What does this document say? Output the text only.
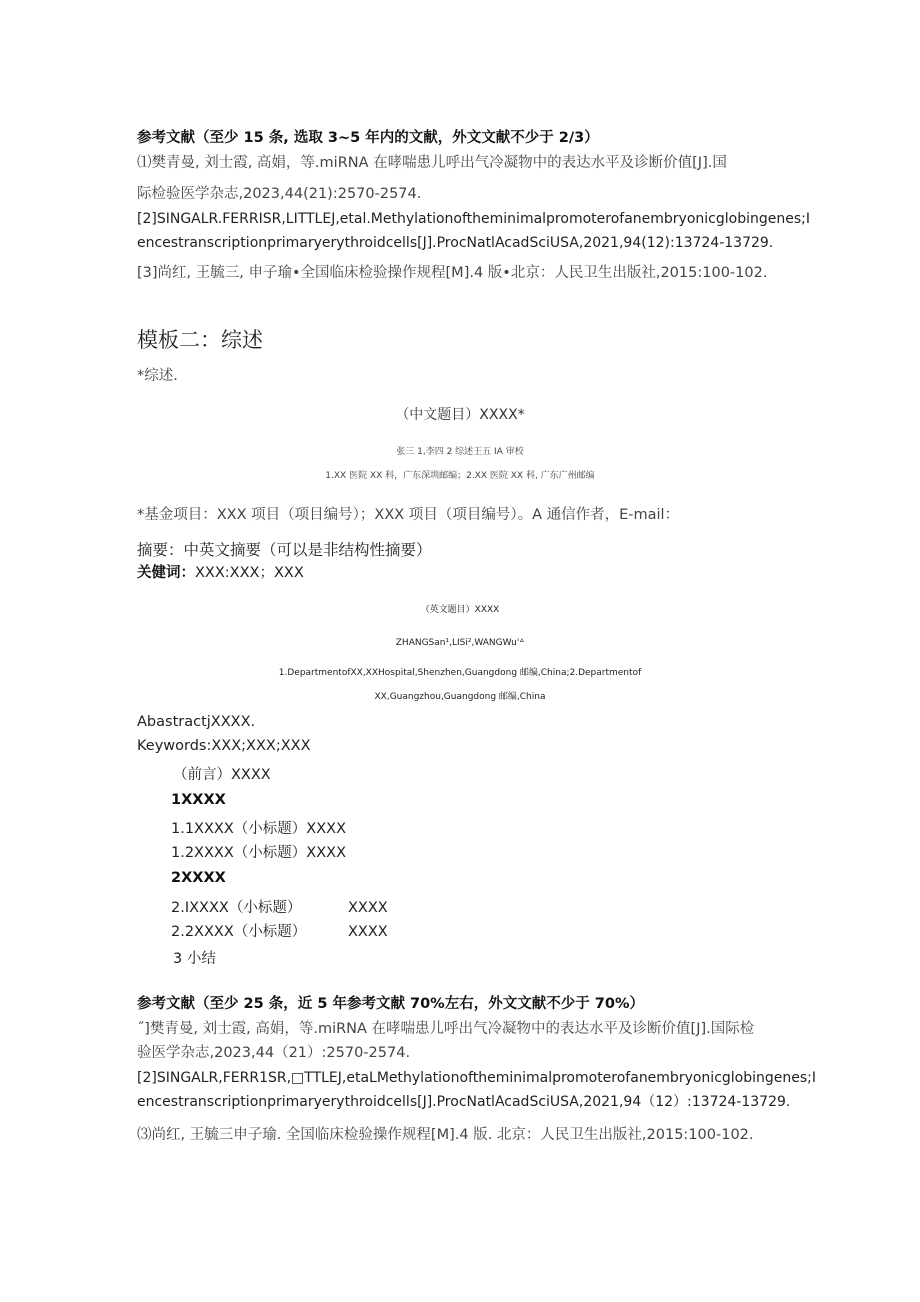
参考文献（至少 15 条, 选取 3~5 年内的文献，外文文献不少于 2/3）
⑴樊青曼, 刘士霞, 高娟，等.miRNA 在哮喘患儿呼出气冷凝物中的表达水平及诊断价值[J].国
际检验医学杂志,2023,44(21):2570-2574.
[2]SINGALR.FERRISR,LITTLEJ,etal.Methylationoftheminimalpromoterofanembryonicglobingenes;I
encestranscriptionprimaryerythroidcells[J].ProcNatlAcadSciUSA,2021,94(12):13724-13729.
[3]尚红, 王毓三, 申子瑜•全国临床检验操作规程[M].4 版•北京：人民卫生出版社,2015:100-102.
模板二：综述
*综述.
（中文题目）XXXX*
张三 1,李四 2 综述王五 IA 审校
1.XX 医院 XX 科，广东深圳邮编；2.XX 医院 XX 科, 广东广州邮编
*基金项目：XXX 项目（项目编号）；XXX 项目（项目编号）。A 通信作者，E-mail：
摘要：中英文摘要（可以是非结构性摘要）
关健词：XXX:XXX；XXX
（英文题目）XXXX
ZHANGSan¹,LISi²,WANGWu'ᐞ
1.DepartmentofXX,XXHospital,Shenzhen,Guangdong 邮编,China;2.Departmentof
XX,Guangzhou,Guangdong 邮编,China
AbastractjXXXX.
Keywords:XXX;XXX;XXX
（前言）XXXX
1XXXX
1.1XXXX（小标题）XXXX
1.2XXXX（小标题）XXXX
2XXXX
2.IXXXX（小标题）	XXXX
2.2XXXX（小标题）	XXXX
3 小结
参考文献（至少 25 条，近 5 年参考文献 70%左右，外文文献不少于 70%）
˝]樊青曼, 刘士霞, 高娟，等.miRNA 在哮喘患儿呼出气冷凝物中的表达水平及诊断价值[J].国际检
验医学杂志,2023,44（21）:2570-2574.
[2]SINGALR,FERR1SR,□TTLEJ,etaLMethylationoftheminimalpromoterofanembryonicglobingenes;I
encestranscriptionprimaryerythroidcells[J].ProcNatlAcadSciUSA,2021,94（12）:13724-13729.
⑶尚红, 王毓三申子瑜. 全国临床检验操作规程[M].4 版. 北京：人民卫生出版社,2015:100-102.
